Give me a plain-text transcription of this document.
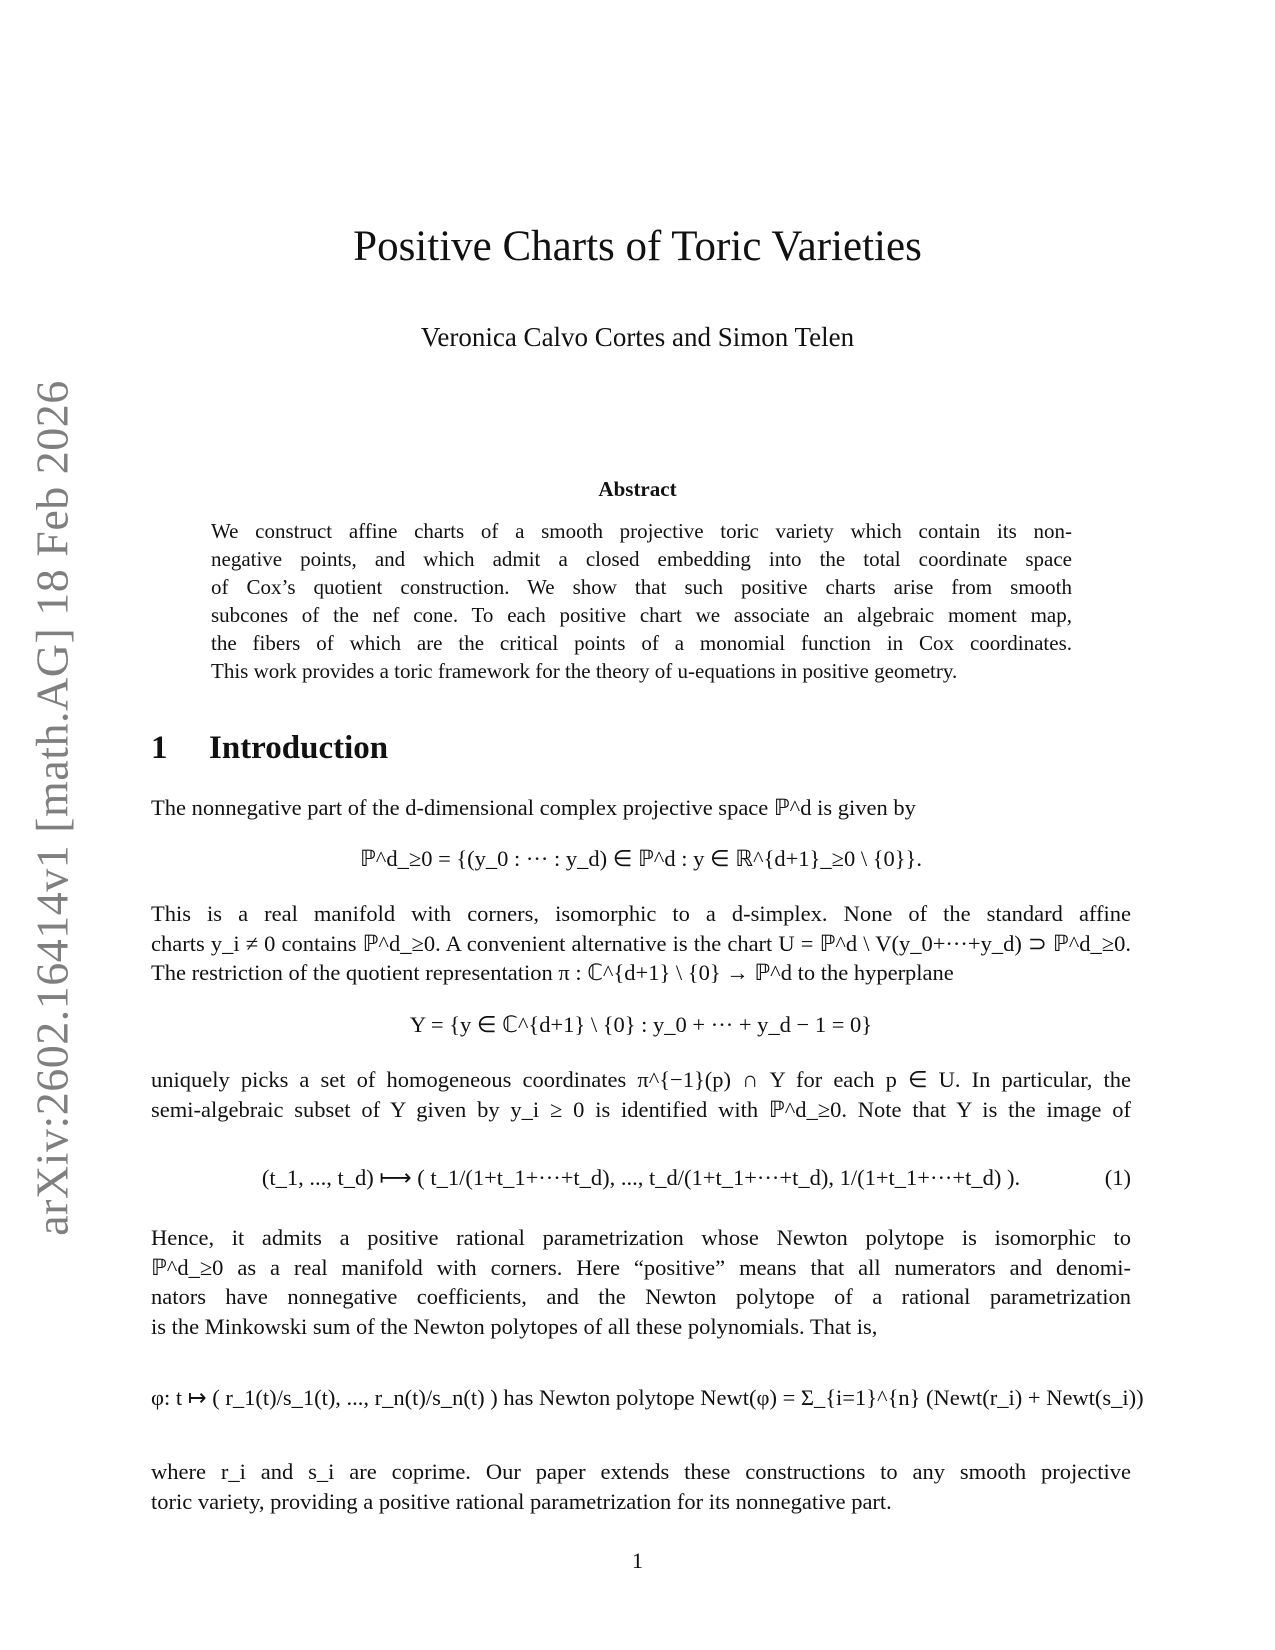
arXiv:2602.16414v1 [math.AG] 18 Feb 2026
Positive Charts of Toric Varieties
Veronica Calvo Cortes and Simon Telen
Abstract
We construct affine charts of a smooth projective toric variety which contain its non-
negative points, and which admit a closed embedding into the total coordinate space
of Cox’s quotient construction. We show that such positive charts arise from smooth
subcones of the nef cone. To each positive chart we associate an algebraic moment map,
the fibers of which are the critical points of a monomial function in Cox coordinates.
This work provides a toric framework for the theory of u-equations in positive geometry.
1 Introduction
The nonnegative part of the d-dimensional complex projective space ℙ^d is given by
ℙ^d_≥0 = {(y_0 : ··· : y_d) ∈ ℙ^d : y ∈ ℝ^{d+1}_≥0 \ {0}}.
This is a real manifold with corners, isomorphic to a d-simplex. None of the standard affine
charts y_i ≠ 0 contains ℙ^d_≥0. A convenient alternative is the chart U = ℙ^d \ V(y_0+···+y_d) ⊃ ℙ^d_≥0.
The restriction of the quotient representation π : ℂ^{d+1} \ {0} → ℙ^d to the hyperplane
Y = {y ∈ ℂ^{d+1} \ {0} : y_0 + ··· + y_d − 1 = 0}
uniquely picks a set of homogeneous coordinates π^{−1}(p) ∩ Y for each p ∈ U. In particular, the
semi-algebraic subset of Y given by y_i ≥ 0 is identified with ℙ^d_≥0. Note that Y is the image of
(t_1, ..., t_d) ⟼ ( t_1/(1+t_1+···+t_d), ..., t_d/(1+t_1+···+t_d), 1/(1+t_1+···+t_d) ).	(1)
Hence, it admits a positive rational parametrization whose Newton polytope is isomorphic to
ℙ^d_≥0 as a real manifold with corners. Here “positive” means that all numerators and denomi-
nators have nonnegative coefficients, and the Newton polytope of a rational parametrization
is the Minkowski sum of the Newton polytopes of all these polynomials. That is,
φ: t ↦ ( r_1(t)/s_1(t), ..., r_n(t)/s_n(t) ) has Newton polytope Newt(φ) = Σ_{i=1}^{n} (Newt(r_i) + Newt(s_i))
where r_i and s_i are coprime. Our paper extends these constructions to any smooth projective
toric variety, providing a positive rational parametrization for its nonnegative part.
1
